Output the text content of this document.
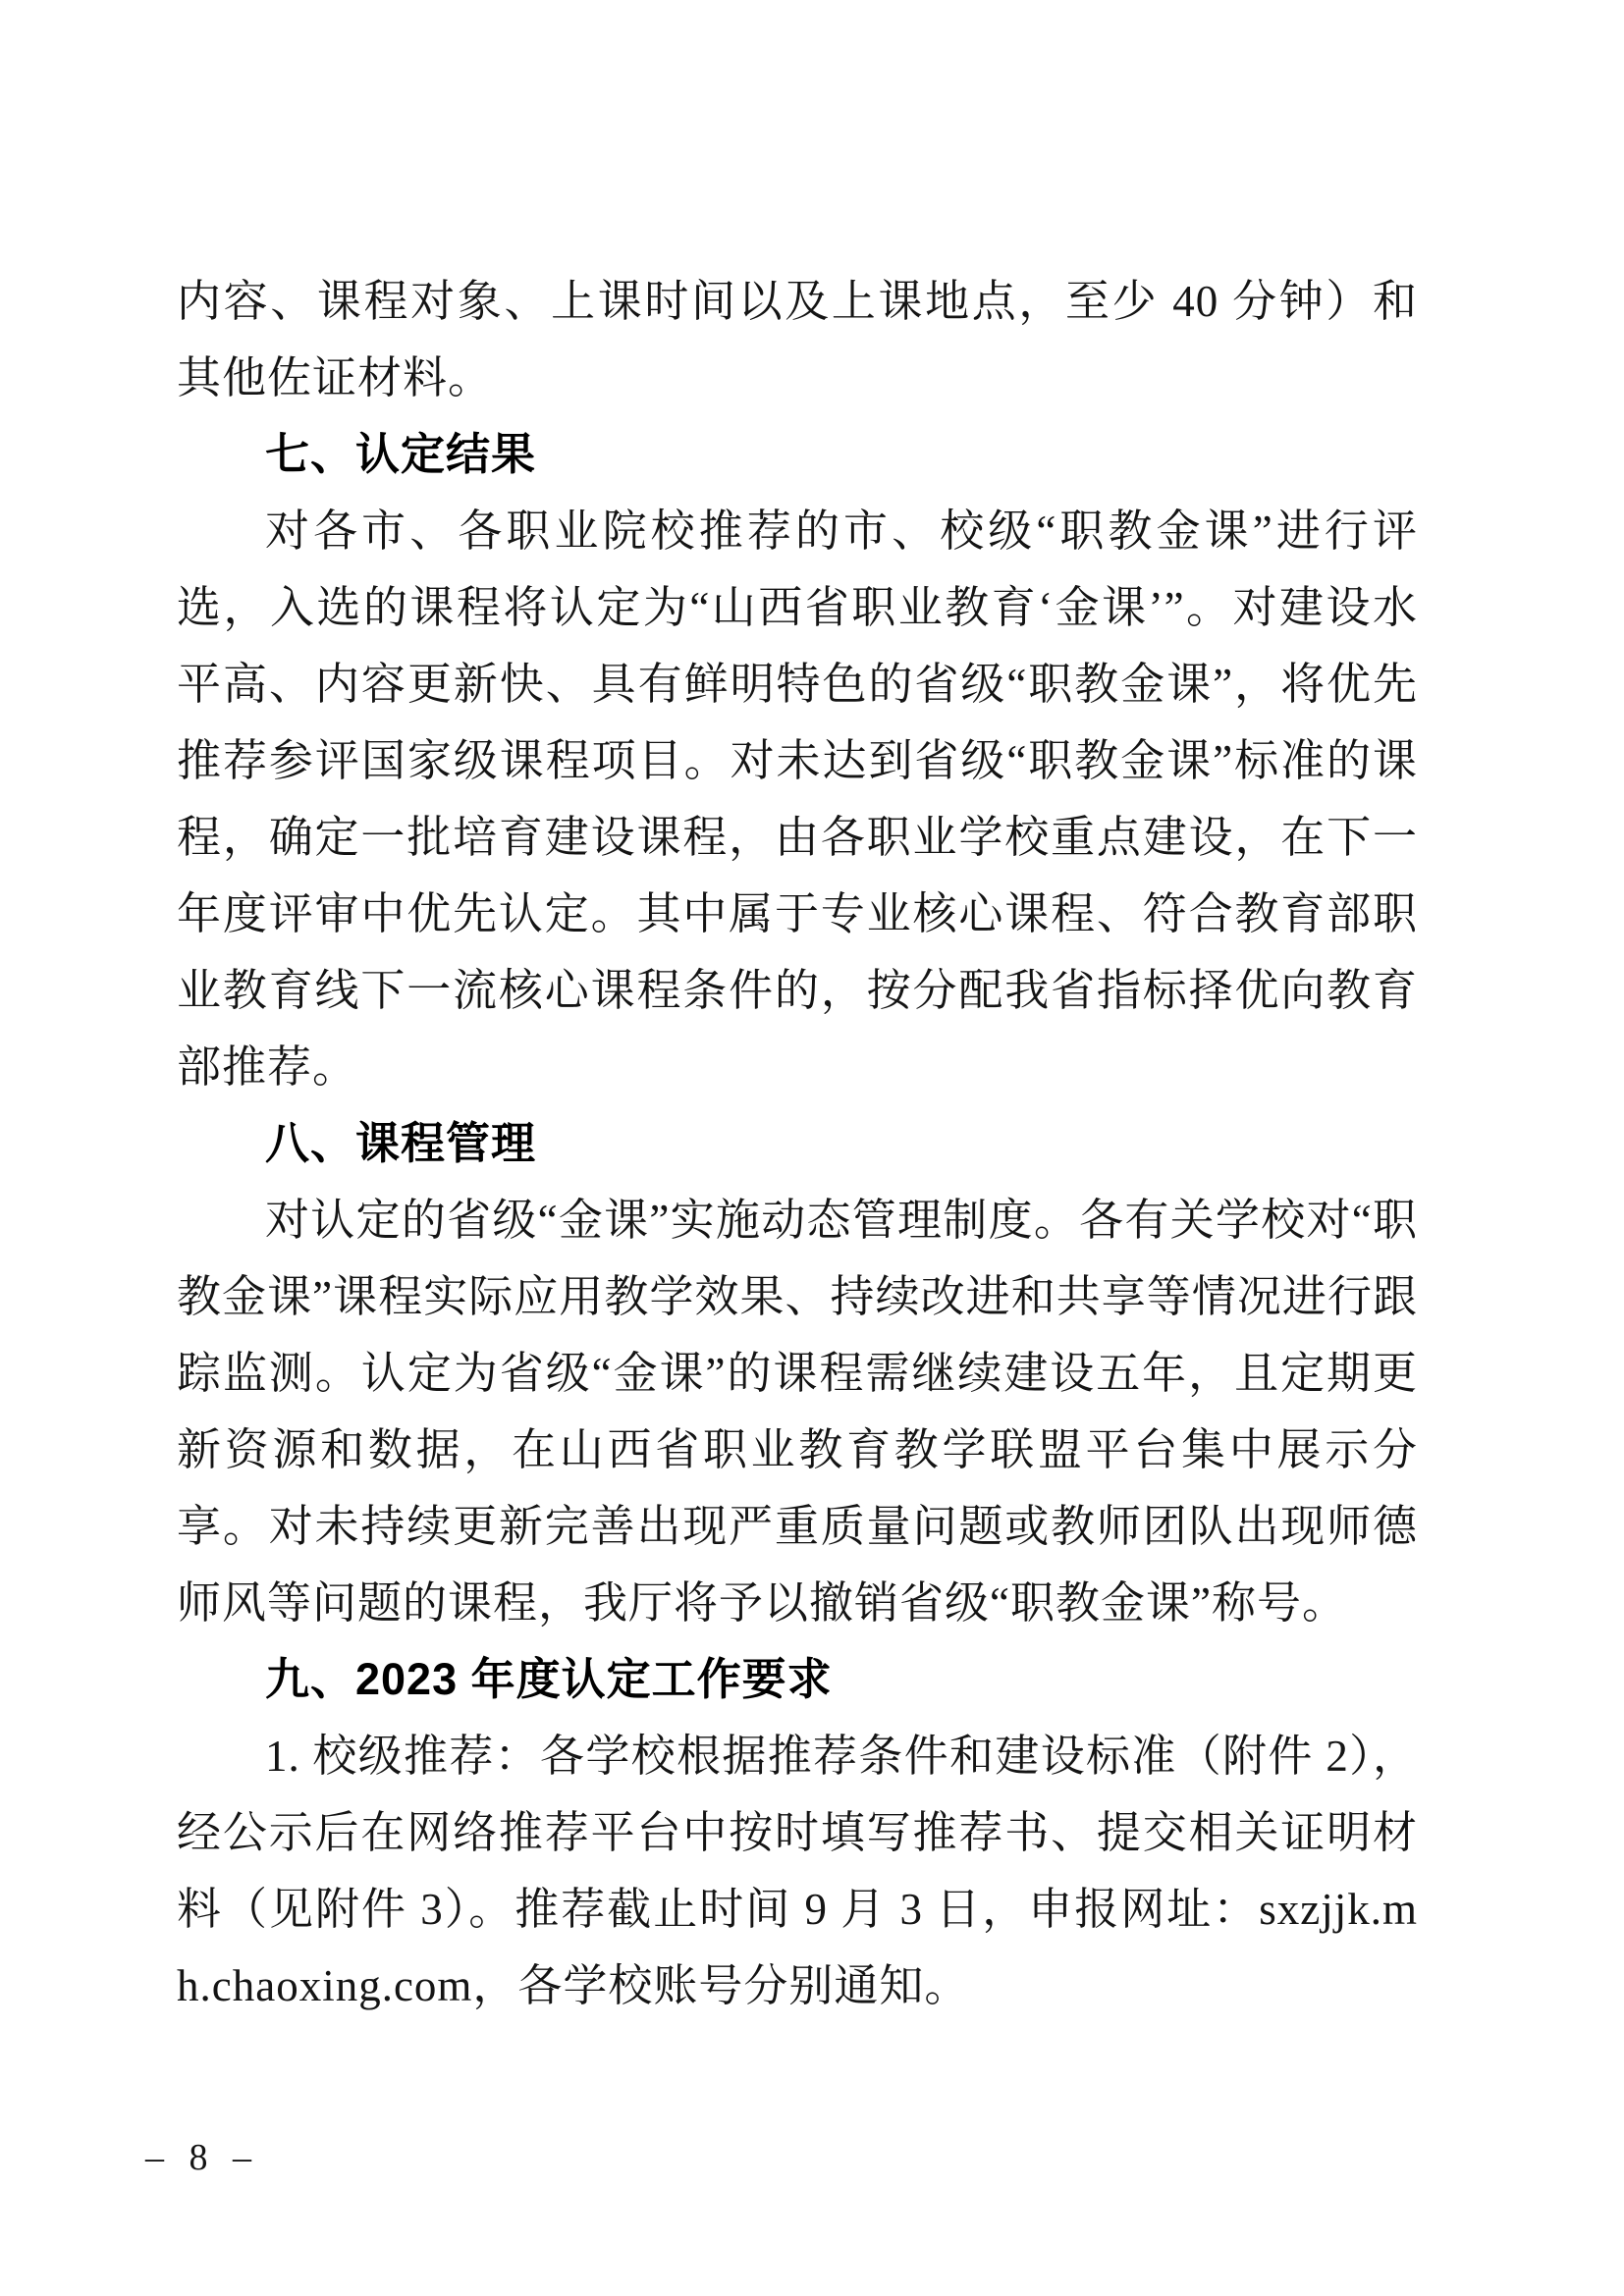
内容、课程对象、上课时间以及上课地点，至少 40 分钟）和其他佐证材料。

七、认定结果

对各市、各职业院校推荐的市、校级“职教金课”进行评选，入选的课程将认定为“山西省职业教育‘金课’”。对建设水平高、内容更新快、具有鲜明特色的省级“职教金课”，将优先推荐参评国家级课程项目。对未达到省级“职教金课”标准的课程，确定一批培育建设课程，由各职业学校重点建设，在下一年度评审中优先认定。其中属于专业核心课程、符合教育部职业教育线下一流核心课程条件的，按分配我省指标择优向教育部推荐。

八、课程管理

对认定的省级“金课”实施动态管理制度。各有关学校对“职教金课”课程实际应用教学效果、持续改进和共享等情况进行跟踪监测。认定为省级“金课”的课程需继续建设五年，且定期更新资源和数据，在山西省职业教育教学联盟平台集中展示分享。对未持续更新完善出现严重质量问题或教师团队出现师德师风等问题的课程，我厅将予以撤销省级“职教金课”称号。

九、2023 年度认定工作要求

1. 校级推荐：各学校根据推荐条件和建设标准（附件 2），经公示后在网络推荐平台中按时填写推荐书、提交相关证明材料（见附件 3）。推荐截止时间 9 月 3 日，申报网址：sxzjjk.mh.chaoxing.com，各学校账号分别通知。

– 8 –
